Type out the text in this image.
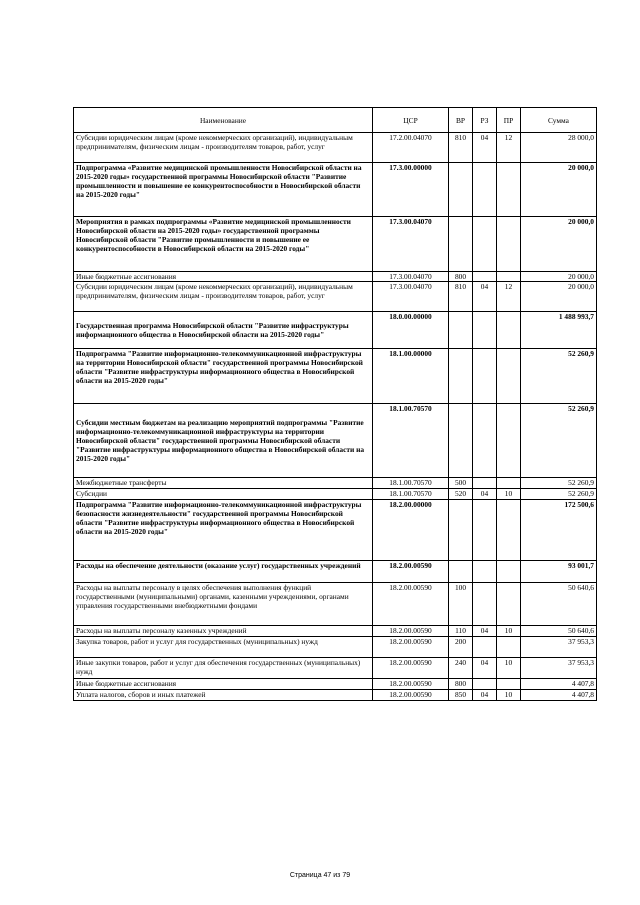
Наименование	ЦСР	ВР	РЗ	ПР	Сумма
Субсидии юридическим лицам (кроме некоммерческих организаций), индивидуальным предпринимателям, физическим лицам - производителям товаров, работ, услуг	17.2.00.04070	810	04	12	28 000,0
Подпрограмма «Развитие медицинской промышленности Новосибирской области на 2015-2020 годы» государственной программы Новосибирской области "Развитие промышленности и повышение ее конкурентоспособности в Новосибирской области на 2015-2020 годы"	17.3.00.00000				20 000,0
Мероприятия в рамках подпрограммы «Развитие медицинской промышленности Новосибирской области на 2015-2020 годы» государственной программы Новосибирской области "Развитие промышленности и повышение ее конкурентоспособности в Новосибирской области на 2015-2020 годы"	17.3.00.04070				20 000,0
Иные бюджетные ассигнования	17.3.00.04070	800			20 000,0
Субсидии юридическим лицам (кроме некоммерческих организаций), индивидуальным предпринимателям, физическим лицам - производителям товаров, работ, услуг	17.3.00.04070	810	04	12	20 000,0
Государственная программа Новосибирской области "Развитие инфраструктуры информационного общества в Новосибирской области на 2015-2020 годы"	18.0.00.00000				1 488 993,7
Подпрограмма "Развитие информационно-телекоммуникационной инфраструктуры на территории Новосибирской области" государственной программы Новосибирской области "Развитие инфраструктуры информационного общества в Новосибирской области на 2015-2020 годы"	18.1.00.00000				52 260,9
Субсидии местным бюджетам на реализацию мероприятий подпрограммы "Развитие информационно-телекоммуникационной инфраструктуры на территории Новосибирской области" государственной программы Новосибирской области "Развитие инфраструктуры информационного общества в Новосибирской области на 2015-2020 годы"	18.1.00.70570				52 260,9
Межбюджетные трансферты	18.1.00.70570	500			52 260,9
Субсидии	18.1.00.70570	520	04	10	52 260,9
Подпрограмма "Развитие информационно-телекоммуникационной инфраструктуры безопасности жизнедеятельности" государственной программы Новосибирской области "Развитие инфраструктуры информационного общества в Новосибирской области на 2015-2020 годы"	18.2.00.00000				172 500,6
Расходы на обеспечение деятельности (оказание услуг) государственных учреждений	18.2.00.00590				93 001,7
Расходы на выплаты персоналу в целях обеспечения выполнения функций государственными (муниципальными) органами, казенными учреждениями, органами управления государственными внебюджетными фондами	18.2.00.00590	100			50 640,6
Расходы на выплаты персоналу казенных учреждений	18.2.00.00590	110	04	10	50 640,6
Закупка товаров, работ и услуг для государственных (муниципальных) нужд	18.2.00.00590	200			37 953,3
Иные закупки товаров, работ и услуг для обеспечения государственных (муниципальных) нужд	18.2.00.00590	240	04	10	37 953,3
Иные бюджетные ассигнования	18.2.00.00590	800			4 407,8
Уплата налогов, сборов и иных платежей	18.2.00.00590	850	04	10	4 407,8
Страница 47 из 79
